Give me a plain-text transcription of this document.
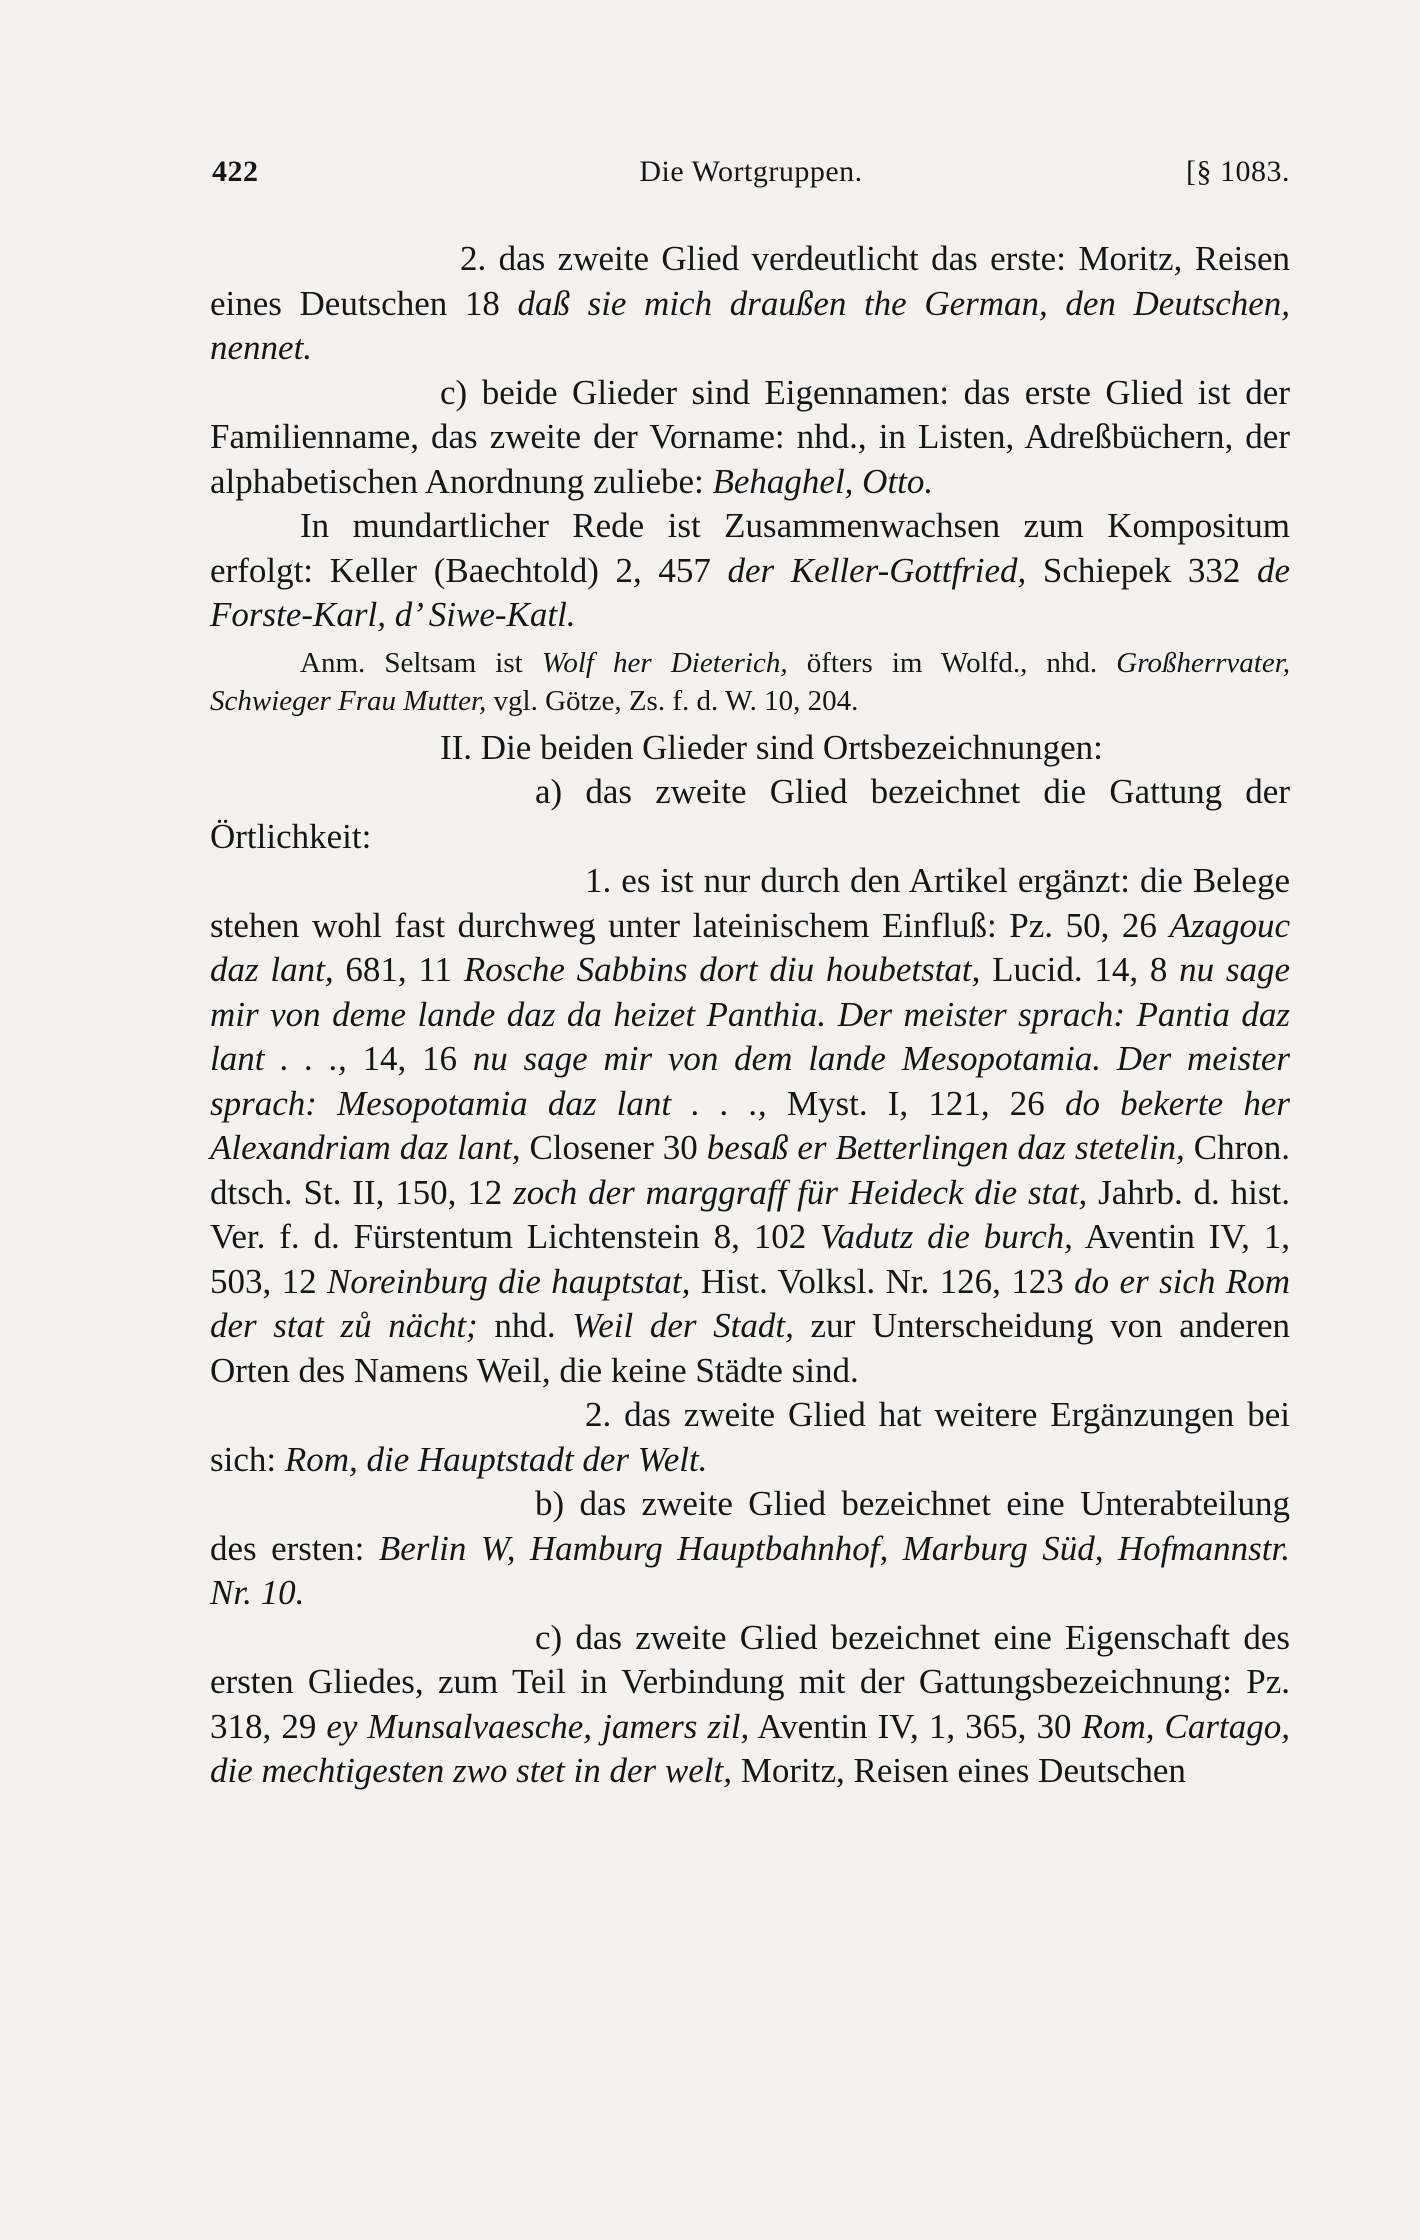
422	Die Wortgruppen.	[§ 1083.

2. das zweite Glied verdeutlicht das erste: Moritz, Reisen eines Deutschen 18 daß sie mich draußen the German, den Deutschen, nennet.

c) beide Glieder sind Eigennamen: das erste Glied ist der Familienname, das zweite der Vorname: nhd., in Listen, Adreßbüchern, der alphabetischen Anordnung zuliebe: Behaghel, Otto.

In mundartlicher Rede ist Zusammenwachsen zum Kompositum erfolgt: Keller (Baechtold) 2, 457 der Keller-Gottfried, Schiepek 332 de Forste-Karl, d’ Siwe-Katl.

Anm. Seltsam ist Wolf her Dieterich, öfters im Wolfd., nhd. Großherrvater, Schwieger Frau Mutter, vgl. Götze, Zs. f. d. W. 10, 204.

II. Die beiden Glieder sind Ortsbezeichnungen:

a) das zweite Glied bezeichnet die Gattung der Örtlichkeit:

1. es ist nur durch den Artikel ergänzt: die Belege stehen wohl fast durchweg unter lateinischem Einfluß: Pz. 50, 26 Azagouc daz lant, 681, 11 Rosche Sabbins dort diu houbetstat, Lucid. 14, 8 nu sage mir von deme lande daz da heizet Panthia. Der meister sprach: Pantia daz lant . . ., 14, 16 nu sage mir von dem lande Mesopotamia. Der meister sprach: Mesopotamia daz lant . . ., Myst. I, 121, 26 do bekerte her Alexandriam daz lant, Closener 30 besaß er Betterlingen daz stetelin, Chron. dtsch. St. II, 150, 12 zoch der marggraff für Heideck die stat, Jahrb. d. hist. Ver. f. d. Fürstentum Lichtenstein 8, 102 Vadutz die burch, Aventin IV, 1, 503, 12 Noreinburg die hauptstat, Hist. Volksl. Nr. 126, 123 do er sich Rom der stat zů nächt; nhd. Weil der Stadt, zur Unterscheidung von anderen Orten des Namens Weil, die keine Städte sind.

2. das zweite Glied hat weitere Ergänzungen bei sich: Rom, die Hauptstadt der Welt.

b) das zweite Glied bezeichnet eine Unterabteilung des ersten: Berlin W, Hamburg Hauptbahnhof, Marburg Süd, Hofmannstr. Nr. 10.

c) das zweite Glied bezeichnet eine Eigenschaft des ersten Gliedes, zum Teil in Verbindung mit der Gattungsbezeichnung: Pz. 318, 29 ey Munsalvaesche, jamers zil, Aventin IV, 1, 365, 30 Rom, Cartago, die mechtigesten zwo stet in der welt, Moritz, Reisen eines Deutschen
